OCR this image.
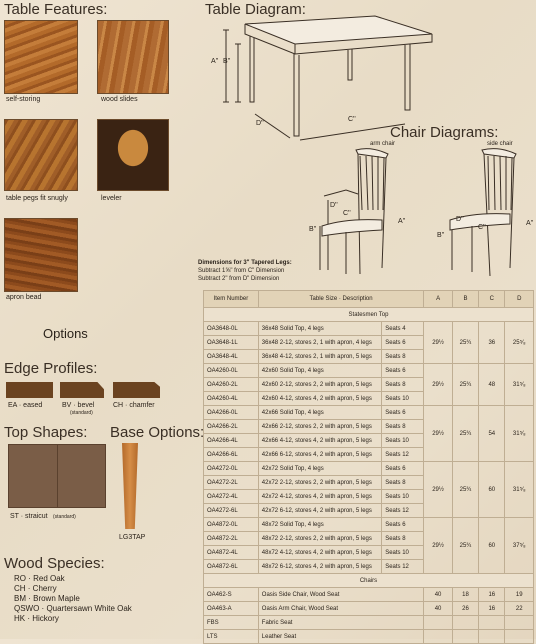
Table Features:
self-storing	wood slides
table pegs fit snugly	leveler
apron bead
Table Diagram:
A'' B''
C''
D''
Chair Diagrams:
arm chair	side chair
B''
A''
C''
D''
B''
A''
C''
D''
Dimensions for 3" Tapered Legs:
Subtract 1⅝" from C" Dimension
Subtract 2" from D" Dimension
Options
Edge Profiles:
EA · eased	BV · bevel
(standard)
CH · chamfer
Top Shapes:
ST · straicut (standard)
Base Options:
LG3TAP
Wood Species:
RO · Red Oak
CH · Cherry
BM · Brown Maple
QSWO · Quartersawn White Oak
HK · Hickory
Item Number	Table Size · Description		A	B	C	D
Statesmen Top						
OA3648-0L	36x48 Solid Top, 4 legs	Seats 4	29½	25¾	36	25⁵⁄₈
OA3648-1L	36x48 2-12, stores 2, 1 with apron, 4 legs	Seats 6				
OA3648-4L	36x48 4-12, stores 2, 1 with apron, 5 legs	Seats 8				
OA4260-0L	42x60 Solid Top, 4 legs	Seats 6	29½	25¾	48	31⁵⁄₈
OA4260-2L	42x60 2-12, stores 2, 2 with apron, 5 legs	Seats 8				
OA4260-4L	42x60 4-12, stores 4, 2 with apron, 5 legs	Seats 10				
OA4266-0L	42x66 Solid Top, 4 legs	Seats 6	29½	25¾	54	31⁵⁄₈
OA4266-2L	42x66 2-12, stores 2, 2 with apron, 5 legs	Seats 8				
OA4266-4L	42x66 4-12, stores 4, 2 with apron, 5 legs	Seats 10				
OA4266-6L	42x66 6-12, stores 4, 2 with apron, 5 legs	Seats 12				
OA4272-0L	42x72 Solid Top, 4 legs	Seats 6	29½	25¾	60	31⁵⁄₈
OA4272-2L	42x72 2-12, stores 2, 2 with apron, 5 legs	Seats 8				
OA4272-4L	42x72 4-12, stores 4, 2 with apron, 5 legs	Seats 10				
OA4272-6L	42x72 6-12, stores 4, 2 with apron, 5 legs	Seats 12				
OA4872-0L	48x72 Solid Top, 4 legs	Seats 6	29½	25¾	60	37⁵⁄₈
OA4872-2L	48x72 2-12, stores 2, 2 with apron, 5 legs	Seats 8				
OA4872-4L	48x72 4-12, stores 4, 2 with apron, 5 legs	Seats 10				
OA4872-6L	48x72 6-12, stores 4, 2 with apron, 5 legs	Seats 12				
Chairs						
OA462-S	Oasis Side Chair, Wood Seat		40	18	16	19
OA463-A	Oasis Arm Chair, Wood Seat		40	26	16	22
FBS	Fabric Seat					
LTS	Leather Seat					
